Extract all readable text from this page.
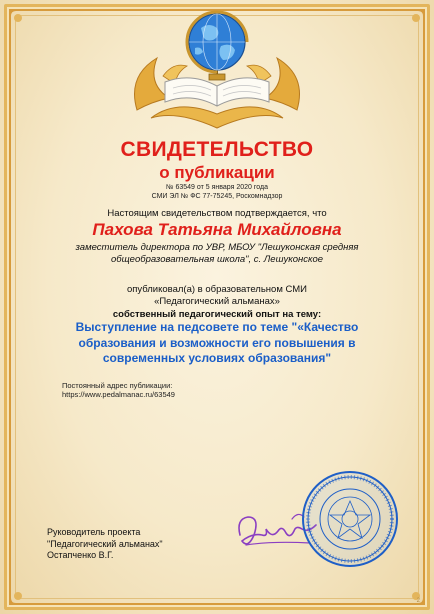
СВИДЕТЕЛЬСТВО
о публикации
№ 63549 от 5 января 2020 года
СМИ ЭЛ № ФС 77-75245, Роскомнадзор
Настоящим свидетельством подтверждается, что
Пахова Татьяна Михайловна
заместитель директора по УВР, МБОУ "Лешуконская средняя
общеобразовательная школа", с. Лешуконское
опубликовал(а) в образовательном СМИ
«Педагогический альманах»
собственный педагогический опыт на тему:
Выступление на педсовете по теме "«Качество
образования и возможности его повышения в
современных условиях образования"
Постоянный адрес публикации:
https://www.pedalmanac.ru/63549
Руководитель проекта
"Педагогический альманах"
Остапченко В.Г.
2
